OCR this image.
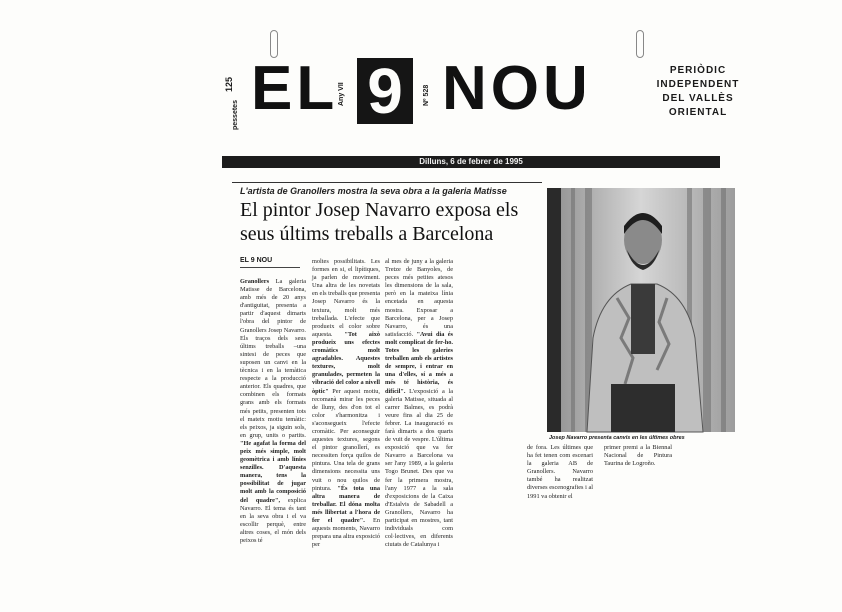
125
pessetes EL Any VII 9	Nº 528 NOU	PERIÒDIC
INDEPENDENT
DEL VALLÈS
ORIENTAL
Dilluns, 6 de febrer de 1995
L'artista de Granollers mostra la seva obra a la galeria Matisse
El pintor Josep Navarro exposa els seus últims treballs a Barcelona
EL 9 NOU
Granollers La galeria Matisse de Barcelona, amb més de 20 anys d'antiguitat, presenta a partir d'aquest dimarts l'obra del pintor de Granollers Josep Navarro. Els traços dels seus últims treballs –una sintesi de peces que suposen un canvi en la tècnica i en la temàtica respecte a la producció anterior. Els quadres, que combinen els formats grans amb els formats més petits, presenten tots el mateix motiu temàtic: els peixos, ja siguin sols, en grup, units o partits. "He agafat la forma del peix més simple, molt geomètrica i amb línies senzilles. D'aquesta manera, tens la possibilitat de jugar molt amb la composició del quadre", explica Navarro. El tema és tant en la seva obra i el va escollir perquè, entre altres coses, el món dels peixos té
moltes possibilitats. Les formes en si, el lipítiques, ja parlen de moviment. Una altra de les novetats en els treballs que presenta Josep Navarro és la textura, molt més treballada. L'efecte que produeix el color sobre aquesta. "Tot això produeix uns efectes cromàtics molt agradables. Aquestes textures, molt granulades, permeten la vibració del color a nivell òptic" Per aquest motiu, recomanà mirar les peces de lluny, des d'on tot el color s'harmonitza i s'aconsegueix l'efecte cromàtic. Per aconseguir aquestes textures, segons el pintor granollerí, es necessiten força quilos de pintura. Una tela de grans dimensions necessita uns vuit o nou quilos de pintura. "És tota una altra manera de treballar. El dóna molta més llibertat a l'hora de fer el quadre". En aquests moments, Navarro prepara una altra exposició per
al mes de juny a la galeria Tretze de Banyoles, de peces més petites atesos les dimensions de la sala, però en la mateixa línia encetada en aquesta mostra. Exposar a Barcelona, per a Josep Navarro, és una satisfacció. "Avui dia és molt complicat de fer-ho. Totes les galeries treballen amb els artistes de sempre, i entrar en una d'elles, sí a més a més té història, és difícil". L'exposició a la galeria Matisse, situada al carrer Balmes, es podrà veure fins al dia 25 de febrer. La inauguració es farà dimarts a dos quarts de vuit de vespre. L'última exposició que va fer Navarro a Barcelona va ser l'any 1989, a la galeria Togo Brunet. Des que va fer la primera mostra, l'any 1977 a la sala d'exposicions de la Caixa d'Estalvis de Sabadell a Granollers, Navarro ha participat en mostres, tant individuals com col·lectives, en diferents ciutats de Catalunya i
de fora. Les últimes que ha fet tenen com escenari la galeria AB de Granollers. Navarro també ha realitzat diverses escenografies i al 1991 va obtenir el
primer premi a la Biennal Nacional de Pintura Taurina de Logroño.
Josep Navarro presenta canvis en les últimes obres
